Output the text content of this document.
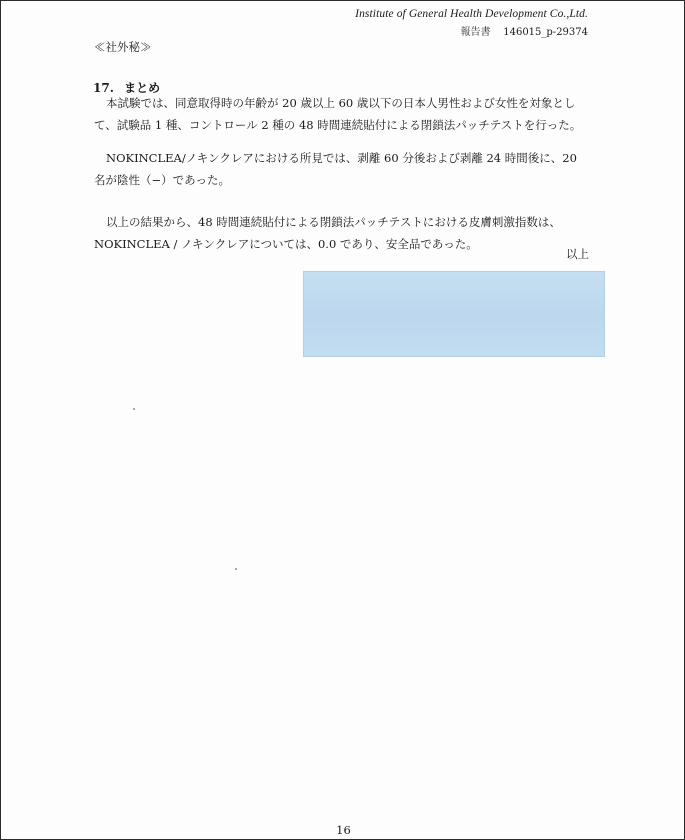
Institute of General Health Development Co.,Ltd.
報告書 146015_p-29374
≪社外秘≫
17. まとめ

本試験では、同意取得時の年齢が 20 歳以上 60 歳以下の日本人男性および女性を対象として、試験品 1 種、コントロール 2 種の 48 時間連続貼付による閉鎖法パッチテストを行った。

NOKINCLEA/ノキンクレアにおける所見では、剥離 60 分後および剥離 24 時間後に、20 名が陰性（−）であった。

以上の結果から、48 時間連続貼付による閉鎖法パッチテストにおける皮膚刺激指数は、NOKINCLEA / ノキンクレアについては、0.0 であり、安全品であった。

以上
16
